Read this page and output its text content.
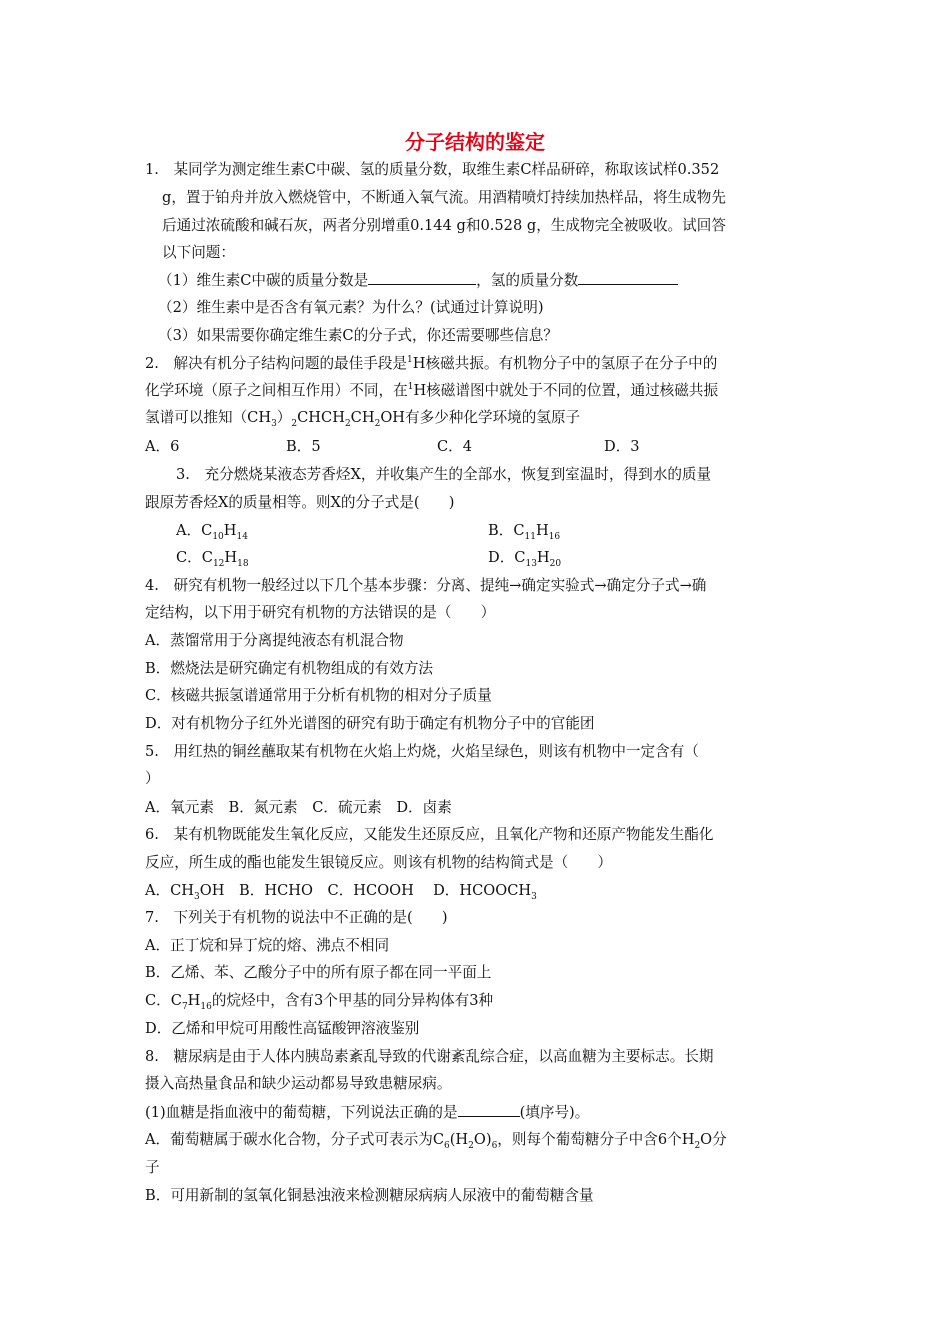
分子结构的鉴定
1.　某同学为测定维生素C中碳、氢的质量分数，取维生素C样品研碎，称取该试样0.352
g，置于铂舟并放入燃烧管中，不断通入氧气流。用酒精喷灯持续加热样品，将生成物先
后通过浓硫酸和碱石灰，两者分别增重0.144 g和0.528 g，生成物完全被吸收。试回答
以下问题：
（1）维生素C中碳的质量分数是	，氢的质量分数
（2）维生素中是否含有氧元素？为什么？(试通过计算说明)
（3）如果需要你确定维生素C的分子式，你还需要哪些信息？
2.　解决有机分子结构问题的最佳手段是$^1$H核磁共振。有机物分子中的氢原子在分子中的
化学环境（原子之间相互作用）不同，在$^1$H核磁谱图中就处于不同的位置，通过核磁共振
氢谱可以推知$(CH_3)_2CHCH_2CH_2OH$有多少种化学环境的氢原子
A．6	B．5	C．4	D．3
3.　充分燃烧某液态芳香烃X，并收集产生的全部水，恢复到室温时，得到水的质量
跟原芳香烃X的质量相等。则X的分子式是(　　)
A．$C_{10}H_{14}$	B．$C_{11}H_{16}$
C．$C_{12}H_{18}$	D．$C_{13}H_{20}$
4.　研究有机物一般经过以下几个基本步骤：分离、提纯→确定实验式→确定分子式→确
定结构，以下用于研究有机物的方法错误的是（　　）
A．蒸馏常用于分离提纯液态有机混合物
B．燃烧法是研究确定有机物组成的有效方法
C．核磁共振氢谱通常用于分析有机物的相对分子质量
D．对有机物分子红外光谱图的研究有助于确定有机物分子中的官能团
5.　用红热的铜丝蘸取某有机物在火焰上灼烧，火焰呈绿色，则该有机物中一定含有（
）
A．氧元素　B．氮元素　C．硫元素　D．卤素
6.　某有机物既能发生氧化反应，又能发生还原反应，且氧化产物和还原产物能发生酯化
反应，所生成的酯也能发生银镜反应。则该有机物的结构简式是（　　）
A．$CH_3OH$　B．HCHO　C．HCOOH　 D．$HCOOCH_3$
7.　下列关于有机物的说法中不正确的是(　　)
A．正丁烷和异丁烷的熔、沸点不相同
B．乙烯、苯、乙酸分子中的所有原子都在同一平面上
C．$C_7H_{16}$的烷烃中，含有3个甲基的同分异构体有3种
D．乙烯和甲烷可用酸性高锰酸钾溶液鉴别
8.　糖尿病是由于人体内胰岛素紊乱导致的代谢紊乱综合症，以高血糖为主要标志。长期
摄入高热量食品和缺少运动都易导致患糖尿病。
(1)血糖是指血液中的葡萄糖，下列说法正确的是	(填序号)。
A．葡萄糖属于碳水化合物，分子式可表示为$C_6(H_2O)_6$，则每个葡萄糖分子中含6个$H_2O$分
子
B．可用新制的氢氧化铜悬浊液来检测糖尿病病人尿液中的葡萄糖含量
